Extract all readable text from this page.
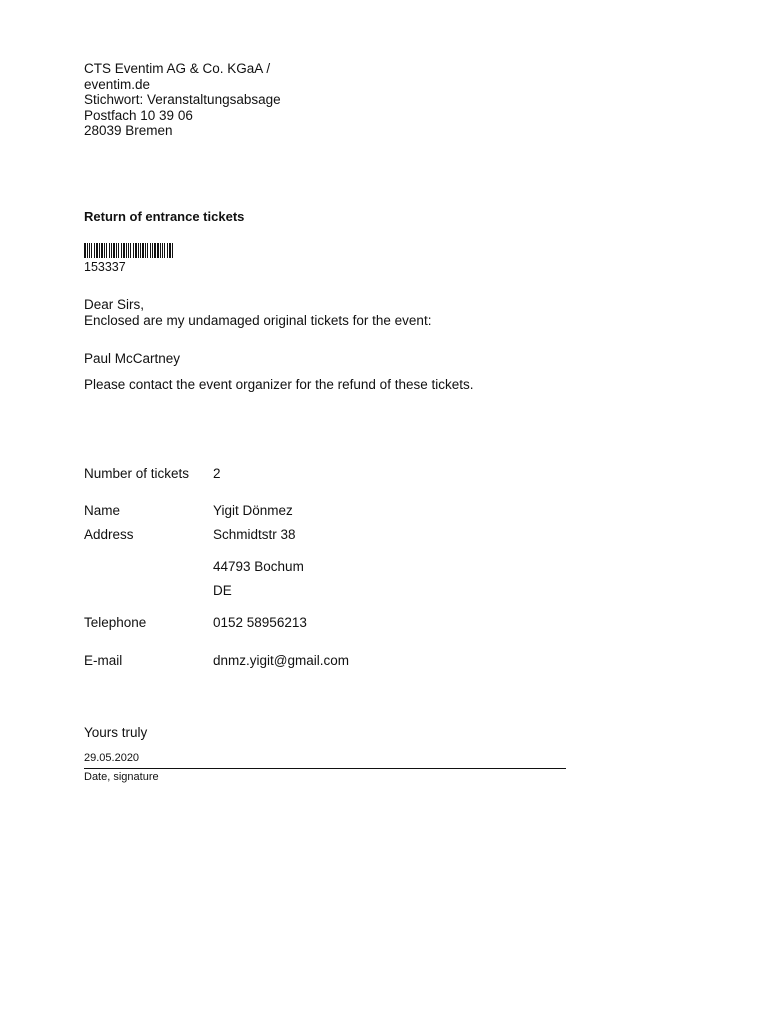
CTS Eventim AG & Co. KGaA /
eventim.de
Stichwort: Veranstaltungsabsage
Postfach 10 39 06
28039 Bremen
Return of entrance tickets
153337
Dear Sirs,
Enclosed are my undamaged original tickets for the event:
Paul McCartney
Please contact the event organizer for the refund of these tickets.
Number of tickets 2
Name	Yigit Dönmez
Address	Schmidtstr 38
44793 Bochum
DE
Telephone	0152 58956213
E-mail	dnmz.yigit@gmail.com
Yours truly
29.05.2020
Date, signature
